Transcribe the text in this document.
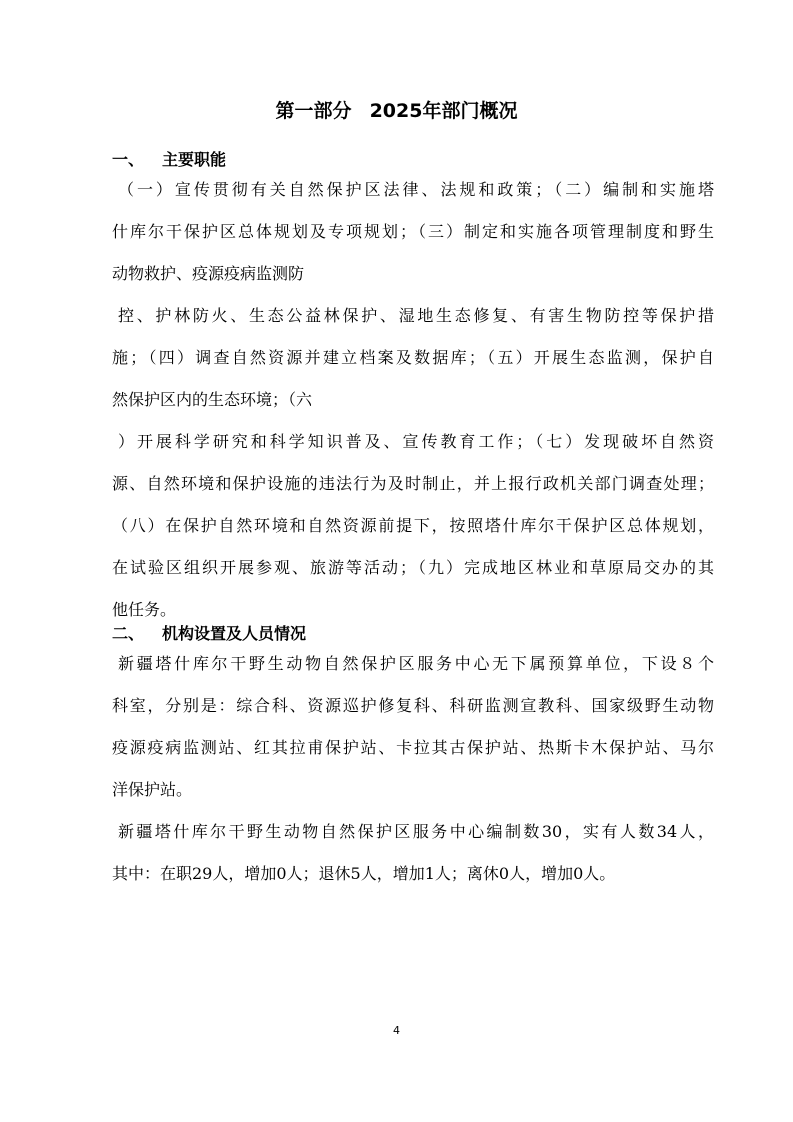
第一部分 2025年部门概况
一、 主要职能

（一）宣传贯彻有关自然保护区法律、法规和政策；（二）编制和实施塔

什库尔干保护区总体规划及专项规划；（三）制定和实施各项管理制度和野生

动物救护、疫源疫病监测防

控、护林防火、生态公益林保护、湿地生态修复、有害生物防控等保护措

施；（四）调查自然资源并建立档案及数据库；（五）开展生态监测，保护自

然保护区内的生态环境；（六

）开展科学研究和科学知识普及、宣传教育工作；（七）发现破坏自然资

源、自然环境和保护设施的违法行为及时制止，并上报行政机关部门调查处理；

（八）在保护自然环境和自然资源前提下，按照塔什库尔干保护区总体规划，

在试验区组织开展参观、旅游等活动；（九）完成地区林业和草原局交办的其

他任务。

二、 机构设置及人员情况

新疆塔什库尔干野生动物自然保护区服务中心无下属预算单位，下设８个

科室，分别是：综合科、资源巡护修复科、科研监测宣教科、国家级野生动物

疫源疫病监测站、红其拉甫保护站、卡拉其古保护站、热斯卡木保护站、马尔

洋保护站。

新疆塔什库尔干野生动物自然保护区服务中心编制数30，实有人数34人，

其中：在职29人，增加0人；退休5人，增加1人；离休0人，增加0人。

4
